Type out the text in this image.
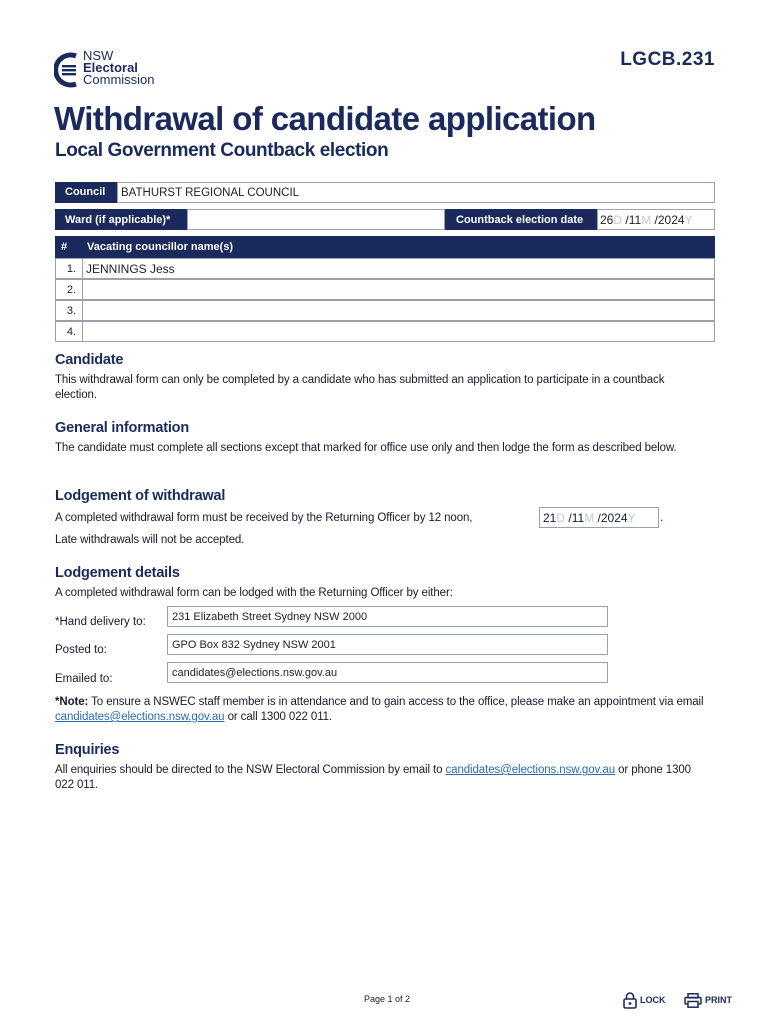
NSW
Electoral
Commission
LGCB.231
Withdrawal of candidate application
Local Government Countback election
Council	BATHURST REGIONAL COUNCIL
Ward (if applicable)*	Countback election date	26D /11M /2024Y
#	Vacating councillor name(s)
1. JENNINGS Jess
2.
3.
4.
Candidate
This withdrawal form can only be completed by a candidate who has submitted an application to participate in a countback election.
General information
The candidate must complete all sections except that marked for office use only and then lodge the form as described below.
Lodgement of withdrawal
A completed withdrawal form must be received by the Returning Officer by 12 noon,	21D /11M /2024Y	.
Late withdrawals will not be accepted.
Lodgement details
A completed withdrawal form can be lodged with the Returning Officer by either:
*Hand delivery to:	231 Elizabeth Street Sydney NSW 2000
Posted to:	GPO Box 832 Sydney NSW 2001
Emailed to:	candidates@elections.nsw.gov.au
*Note: To ensure a NSWEC staff member is in attendance and to gain access to the office, please make an appointment via email candidates@elections.nsw.gov.au or call 1300 022 011.
Enquiries
All enquiries should be directed to the NSW Electoral Commission by email to candidates@elections.nsw.gov.au or phone 1300 022 011.
Page 1 of 2	LOCK	PRINT
